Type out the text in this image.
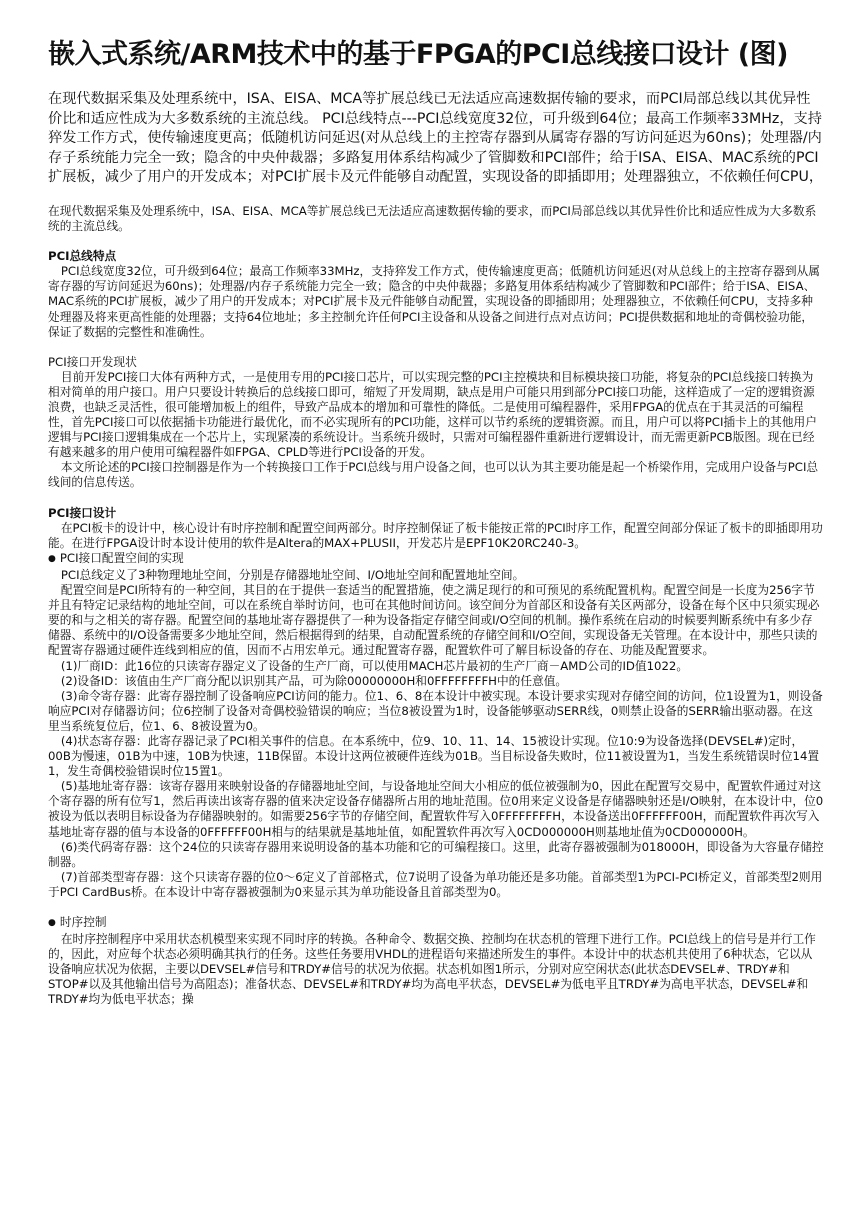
嵌入式系统/ARM技术中的基于FPGA的PCI总线接口设计 (图)

在现代数据采集及处理系统中，ISA、EISA、MCA等扩展总线已无法适应高速数据传输的要求，而PCI局部总线以其优异性价比和适应性成为大多数系统的主流总线。 PCI总线特点---PCI总线宽度32位，可升级到64位；最高工作频率33MHz，支持猝发工作方式，使传输速度更高；低随机访问延迟(对从总线上的主控寄存器到从属寄存器的写访问延迟为60ns)；处理器/内存子系统能力完全一致；隐含的中央仲裁器；多路复用体系结构减少了管脚数和PCI部件；给于ISA、EISA、MAC系统的PCI扩展板，减少了用户的开发成本；对PCI扩展卡及元件能够自动配置，实现设备的即插即用；处理器独立，不依赖任何CPU，

在现代数据采集及处理系统中，ISA、EISA、MCA等扩展总线已无法适应高速数据传输的要求，而PCI局部总线以其优异性价比和适应性成为大多数系统的主流总线。

PCI总线特点

PCI总线宽度32位，可升级到64位；最高工作频率33MHz，支持猝发工作方式，使传输速度更高；低随机访问延迟(对从总线上的主控寄存器到从属寄存器的写访问延迟为60ns)；处理器/内存子系统能力完全一致；隐含的中央仲裁器；多路复用体系结构减少了管脚数和PCI部件；给于ISA、EISA、MAC系统的PCI扩展板，减少了用户的开发成本；对PCI扩展卡及元件能够自动配置，实现设备的即插即用；处理器独立，不依赖任何CPU，支持多种处理器及将来更高性能的处理器；支持64位地址；多主控制允许任何PCI主设备和从设备之间进行点对点访问；PCI提供数据和地址的奇偶校验功能，保证了数据的完整性和准确性。

PCI接口开发现状

目前开发PCI接口大体有两种方式，一是使用专用的PCI接口芯片，可以实现完整的PCI主控模块和目标模块接口功能，将复杂的PCI总线接口转换为相对简单的用户接口。用户只要设计转换后的总线接口即可，缩短了开发周期，缺点是用户可能只用到部分PCI接口功能，这样造成了一定的逻辑资源浪费，也缺乏灵活性，很可能增加板上的组件，导致产品成本的增加和可靠性的降低。二是使用可编程器件，采用FPGA的优点在于其灵活的可编程性，首先PCI接口可以依据插卡功能进行最优化，而不必实现所有的PCI功能，这样可以节约系统的逻辑资源。而且，用户可以将PCI插卡上的其他用户逻辑与PCI接口逻辑集成在一个芯片上，实现紧凑的系统设计。当系统升级时，只需对可编程器件重新进行逻辑设计，而无需更新PCB版图。现在已经有越来越多的用户使用可编程器件如FPGA、CPLD等进行PCI设备的开发。

本文所论述的PCI接口控制器是作为一个转换接口工作于PCI总线与用户设备之间，也可以认为其主要功能是起一个桥梁作用，完成用户设备与PCI总线间的信息传送。

PCI接口设计

在PCI板卡的设计中，核心设计有时序控制和配置空间两部分。时序控制保证了板卡能按正常的PCI时序工作，配置空间部分保证了板卡的即插即用功能。在进行FPGA设计时本设计使用的软件是Altera的MAX+PLUSII，开发芯片是EPF10K20RC240-3。

● PCI接口配置空间的实现

PCI总线定义了3种物理地址空间，分别是存储器地址空间、I/O地址空间和配置地址空间。

配置空间是PCI所特有的一种空间，其目的在于提供一套适当的配置措施，使之满足现行的和可预见的系统配置机构。配置空间是一长度为256字节并且有特定记录结构的地址空间，可以在系统自举时访问，也可在其他时间访问。该空间分为首部区和设备有关区两部分，设备在每个区中只须实现必要的和与之相关的寄存器。配置空间的基地址寄存器提供了一种为设备指定存储空间或I/O空间的机制。操作系统在启动的时候要判断系统中有多少存储器、系统中的I/O设备需要多少地址空间，然后根据得到的结果，自动配置系统的存储空间和I/O空间，实现设备无关管理。在本设计中，那些只读的配置寄存器通过硬件连线到相应的值，因而不占用宏单元。通过配置寄存器，配置软件可了解目标设备的存在、功能及配置要求。

(1)厂商ID：此16位的只读寄存器定义了设备的生产厂商，可以使用MACH芯片最初的生产厂商－AMD公司的ID值1022。

(2)设备ID：该值由生产厂商分配以识别其产品，可为除00000000H和0FFFFFFFFH中的任意值。

(3)命令寄存器：此寄存器控制了设备响应PCI访问的能力。位1、6、8在本设计中被实现。本设计要求实现对存储空间的访问，位1设置为1，则设备响应PCI对存储器访问；位6控制了设备对奇偶校验错误的响应；当位8被设置为1时，设备能够驱动SERR线，0则禁止设备的SERR输出驱动器。在这里当系统复位后，位1、6、8被设置为0。

(4)状态寄存器：此寄存器记录了PCI相关事件的信息。在本系统中，位9、10、11、14、15被设计实现。位10:9为设备选择(DEVSEL#)定时，00B为慢速，01B为中速，10B为快速，11B保留。本设计这两位被硬件连线为01B。当目标设备失败时，位11被设置为1，当发生系统错误时位14置1，发生奇偶校验错误时位15置1。

(5)基地址寄存器：该寄存器用来映射设备的存储器地址空间，与设备地址空间大小相应的低位被强制为0，因此在配置写交易中，配置软件通过对这个寄存器的所有位写1，然后再读出该寄存器的值来决定设备存储器所占用的地址范围。位0用来定义设备是存储器映射还是I/O映射，在本设计中，位0被设为低以表明目标设备为存储器映射的。如需要256字节的存储空间，配置软件写入0FFFFFFFFH，本设备送出0FFFFFF00H，而配置软件再次写入基地址寄存器的值与本设备的0FFFFFF00H相与的结果就是基地址值，如配置软件再次写入0CD000000H则基地址值为0CD000000H。

(6)类代码寄存器：这个24位的只读寄存器用来说明设备的基本功能和它的可编程接口。这里，此寄存器被强制为018000H，即设备为大容量存储控制器。

(7)首部类型寄存器：这个只读寄存器的位0～6定义了首部格式，位7说明了设备为单功能还是多功能。首部类型1为PCI-PCI桥定义，首部类型2则用于PCI CardBus桥。在本设计中寄存器被强制为0来显示其为单功能设备且首部类型为0。

● 时序控制

在时序控制程序中采用状态机模型来实现不同时序的转换。各种命令、数据交换、控制均在状态机的管理下进行工作。PCI总线上的信号是并行工作的，因此，对应每个状态必须明确其执行的任务。这些任务要用VHDL的进程语句来描述所发生的事件。本设计中的状态机共使用了6种状态，它以从设备响应状况为依据，主要以DEVSEL#信号和TRDY#信号的状况为依据。状态机如图1所示，分别对应空闲状态(此状态DEVSEL#、TRDY#和STOP#以及其他输出信号为高阻态)；准备状态、DEVSEL#和TRDY#均为高电平状态，DEVSEL#为低电平且TRDY#为高电平状态，DEVSEL#和TRDY#均为低电平状态；操
